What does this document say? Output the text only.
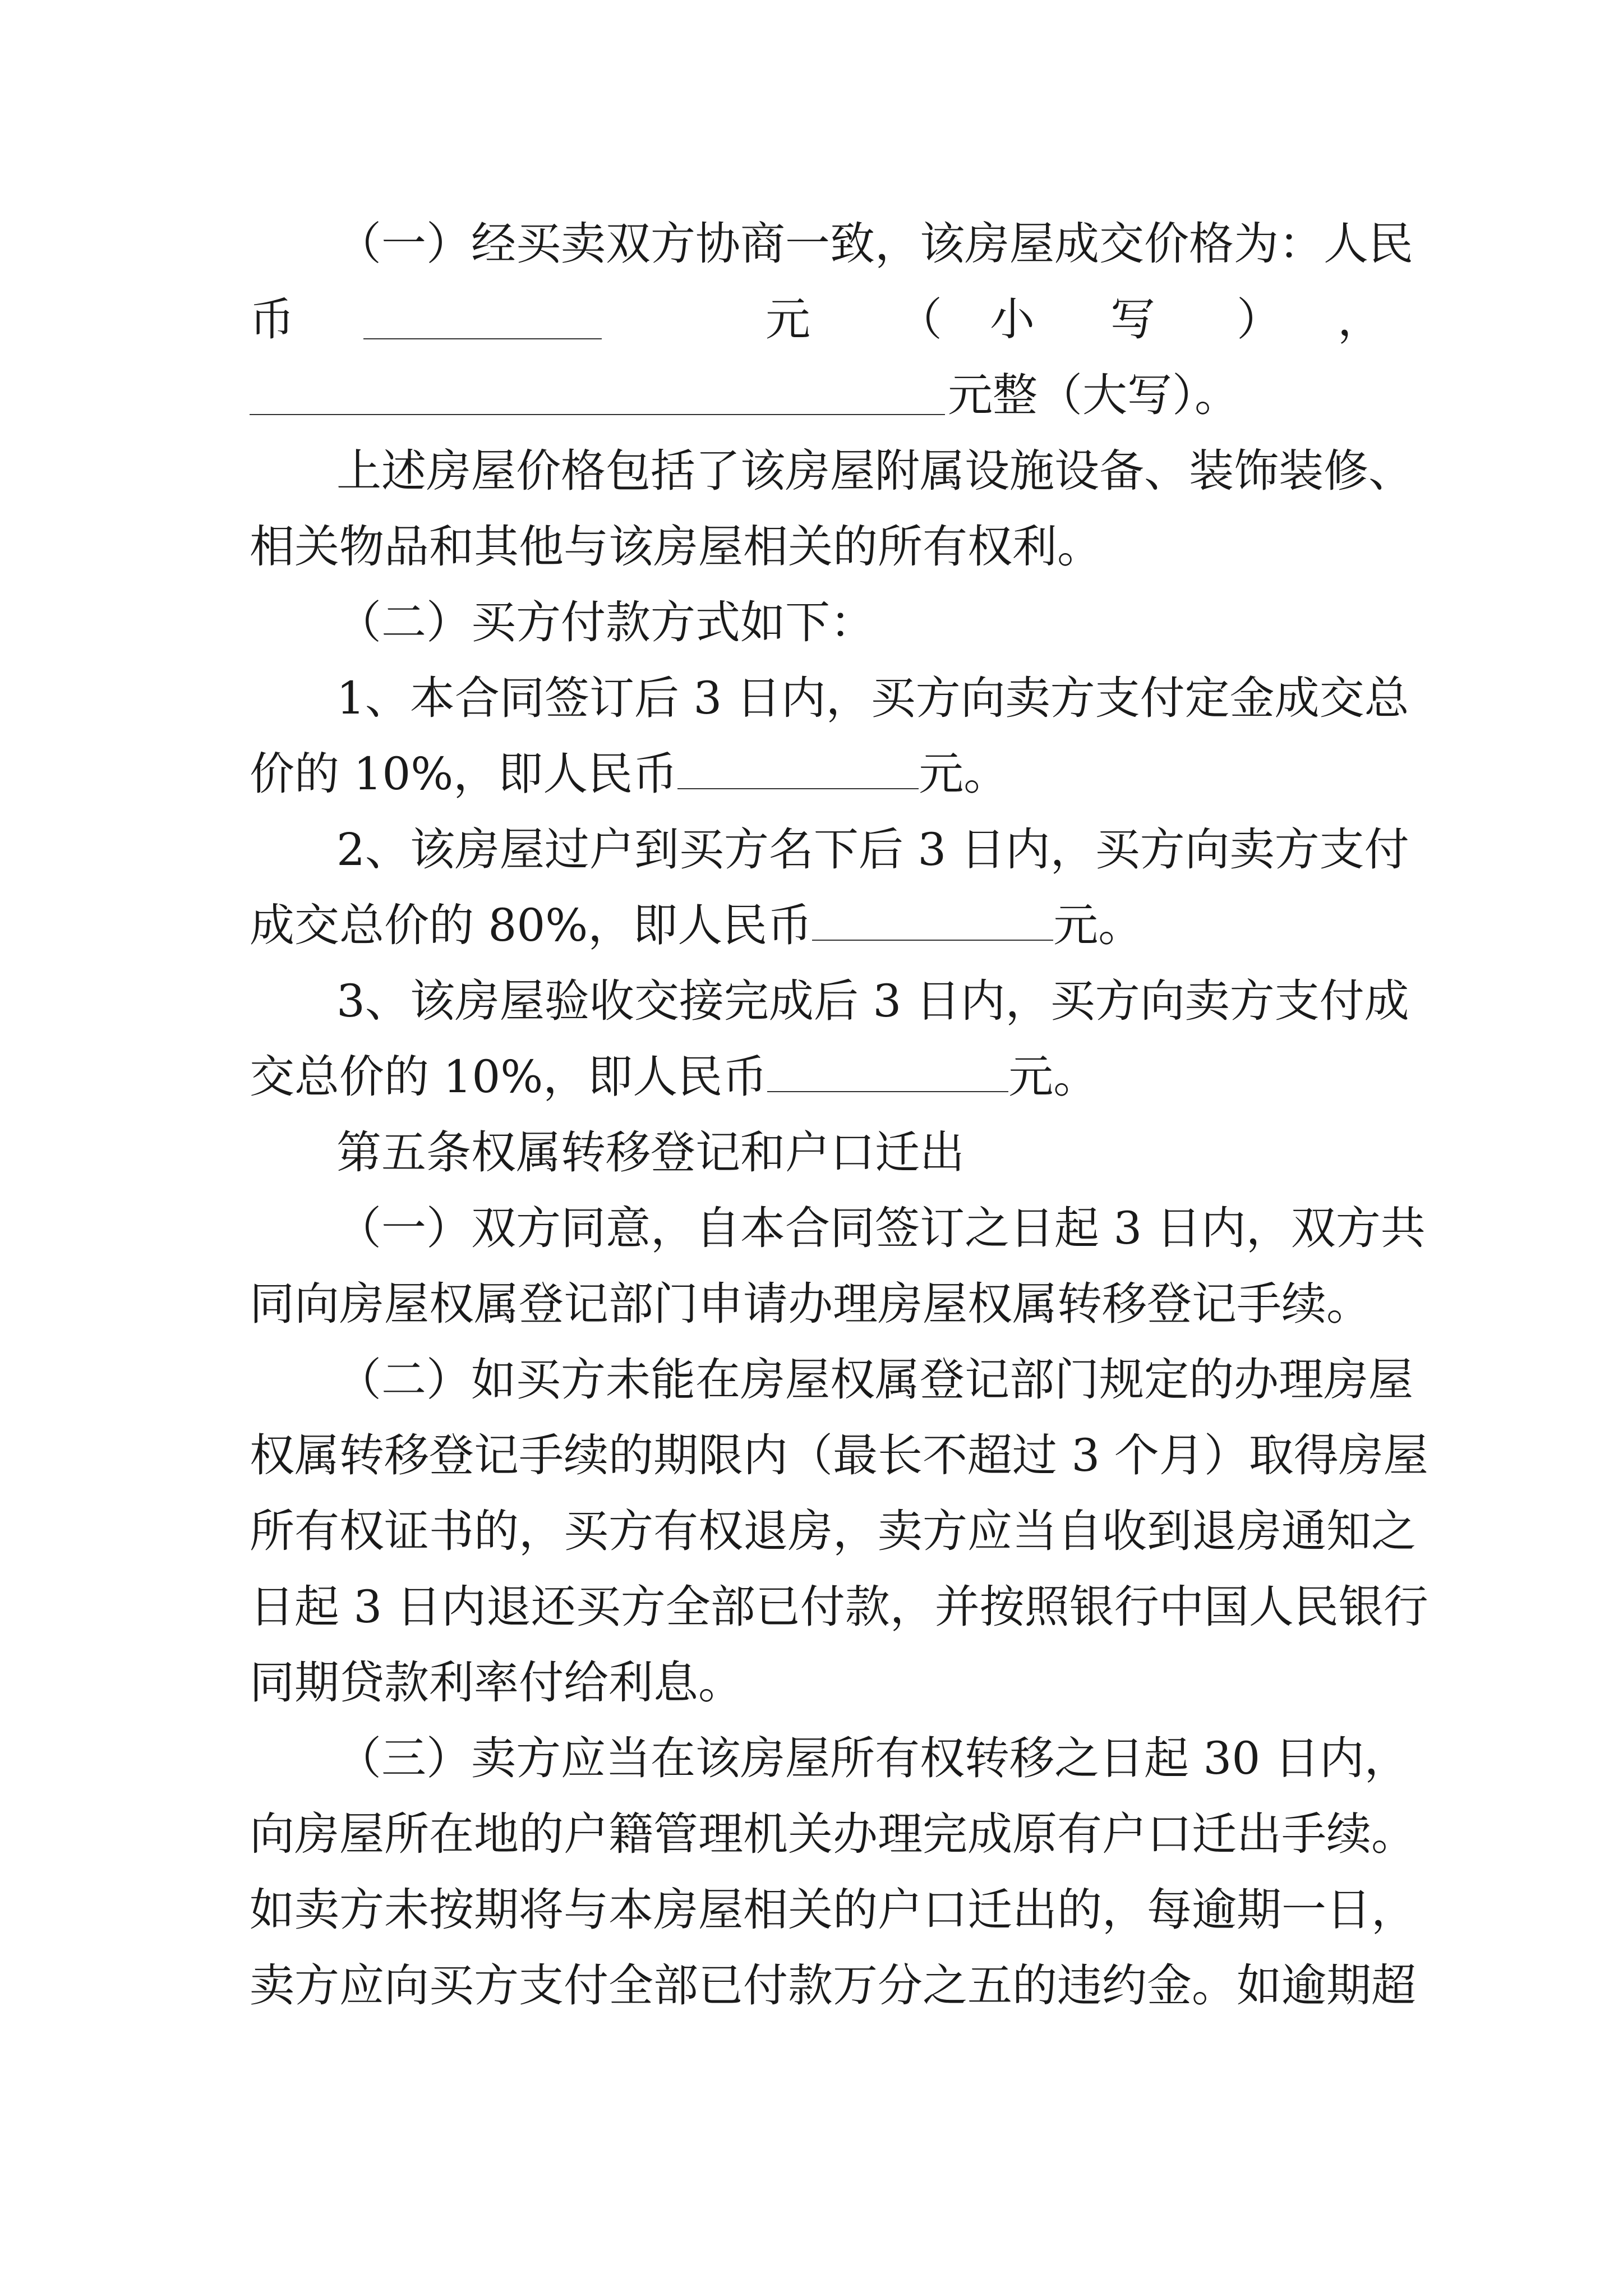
（一）经买卖双方协商一致，该房屋成交价格为：人民
币	元 （ 小 写 ） ，
元整（大写）。
上述房屋价格包括了该房屋附属设施设备、装饰装修、
相关物品和其他与该房屋相关的所有权利。
（二）买方付款方式如下：
1、本合同签订后 3 日内，买方向卖方支付定金成交总
价的 10%，即人民币	元。
2、该房屋过户到买方名下后 3 日内，买方向卖方支付
成交总价的 80%，即人民币	元。
3、该房屋验收交接完成后 3 日内，买方向卖方支付成
交总价的 10%，即人民币	元。
第五条权属转移登记和户口迁出
（一）双方同意，自本合同签订之日起 3 日内，双方共
同向房屋权属登记部门申请办理房屋权属转移登记手续。
（二）如买方未能在房屋权属登记部门规定的办理房屋
权属转移登记手续的期限内（最长不超过 3 个月）取得房屋
所有权证书的，买方有权退房，卖方应当自收到退房通知之
日起 3 日内退还买方全部已付款，并按照银行中国人民银行
同期贷款利率付给利息。
（三）卖方应当在该房屋所有权转移之日起 30 日内，
向房屋所在地的户籍管理机关办理完成原有户口迁出手续。
如卖方未按期将与本房屋相关的户口迁出的，每逾期一日，
卖方应向买方支付全部已付款万分之五的违约金。如逾期超
